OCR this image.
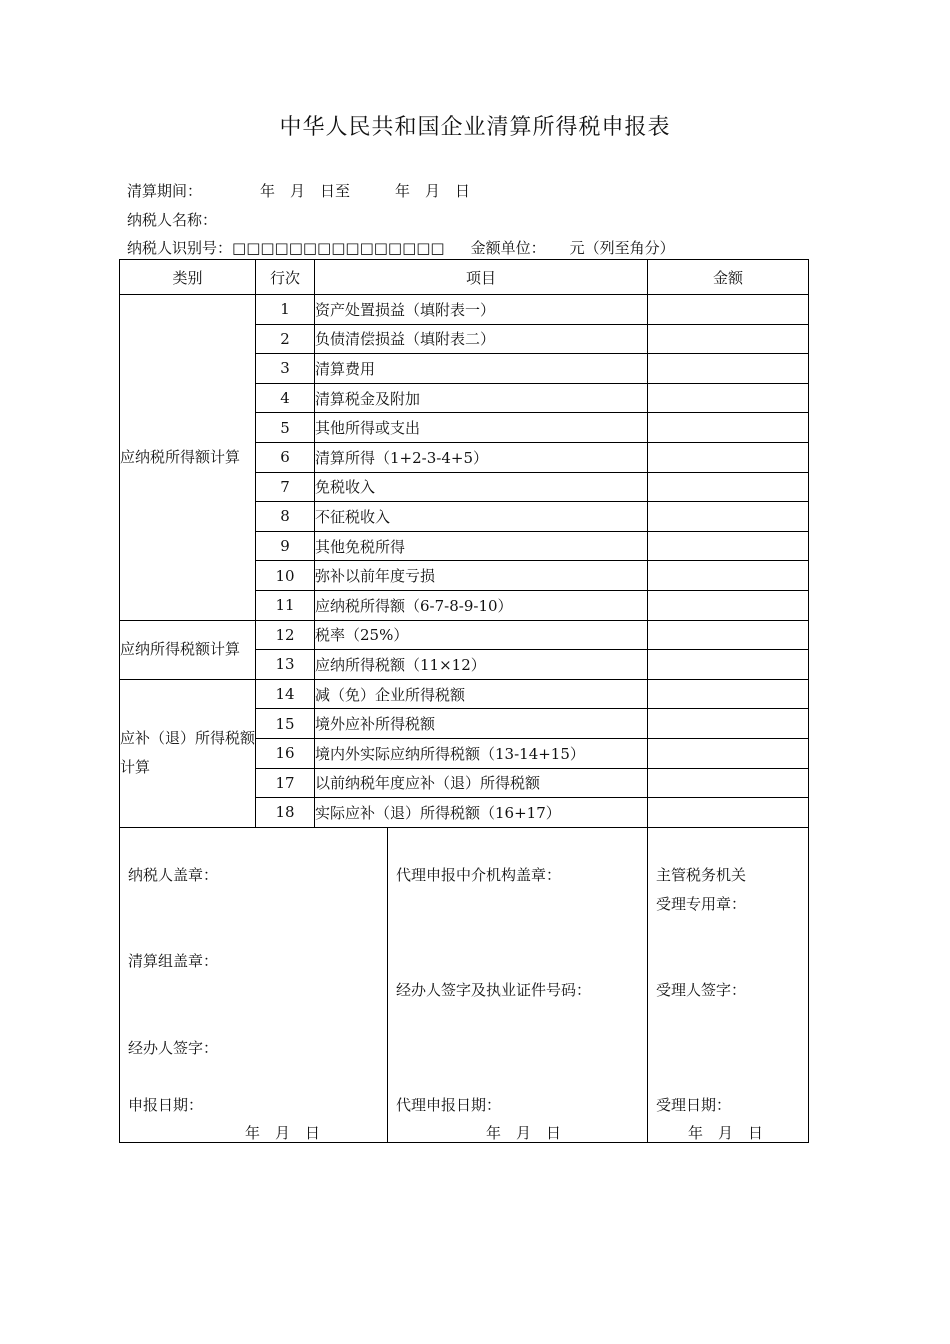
中华人民共和国企业清算所得税申报表
清算期间：	年　月　日至　　　年　月　日
纳税人名称：
纳税人识别号：□□□□□□□□□□□□□□□ 金额单位： 元（列至角分）
类别	行次	项目	金额
应纳税所得额计算	1	资产处置损益（填附表一）	
	2	负债清偿损益（填附表二）	
	3	清算费用	
	4	清算税金及附加	
	5	其他所得或支出	
	6	清算所得（1+2-3-4+5）	
	7	免税收入	
	8	不征税收入	
	9	其他免税所得	
	10	弥补以前年度亏损	
	11	应纳税所得额（6-7-8-9-10）	
应纳所得税额计算	12	税率（25%）	
	13	应纳所得税额（11×12）	
应补（退）所得税额计算	14	减（免）企业所得税额	
	15	境外应补所得税额	
	16	境内外实际应纳所得税额（13-14+15）	
	17	以前纳税年度应补（退）所得税额	
	18	实际应补（退）所得税额（16+17）	
纳税人盖章：
清算组盖章：
经办人签字：
申报日期：
年　月　日

代理申报中介机构盖章：
经办人签字及执业证件号码：
代理申报日期：
年　月　日

主管税务机关
受理专用章：
受理人签字：
受理日期：
年　月　日
